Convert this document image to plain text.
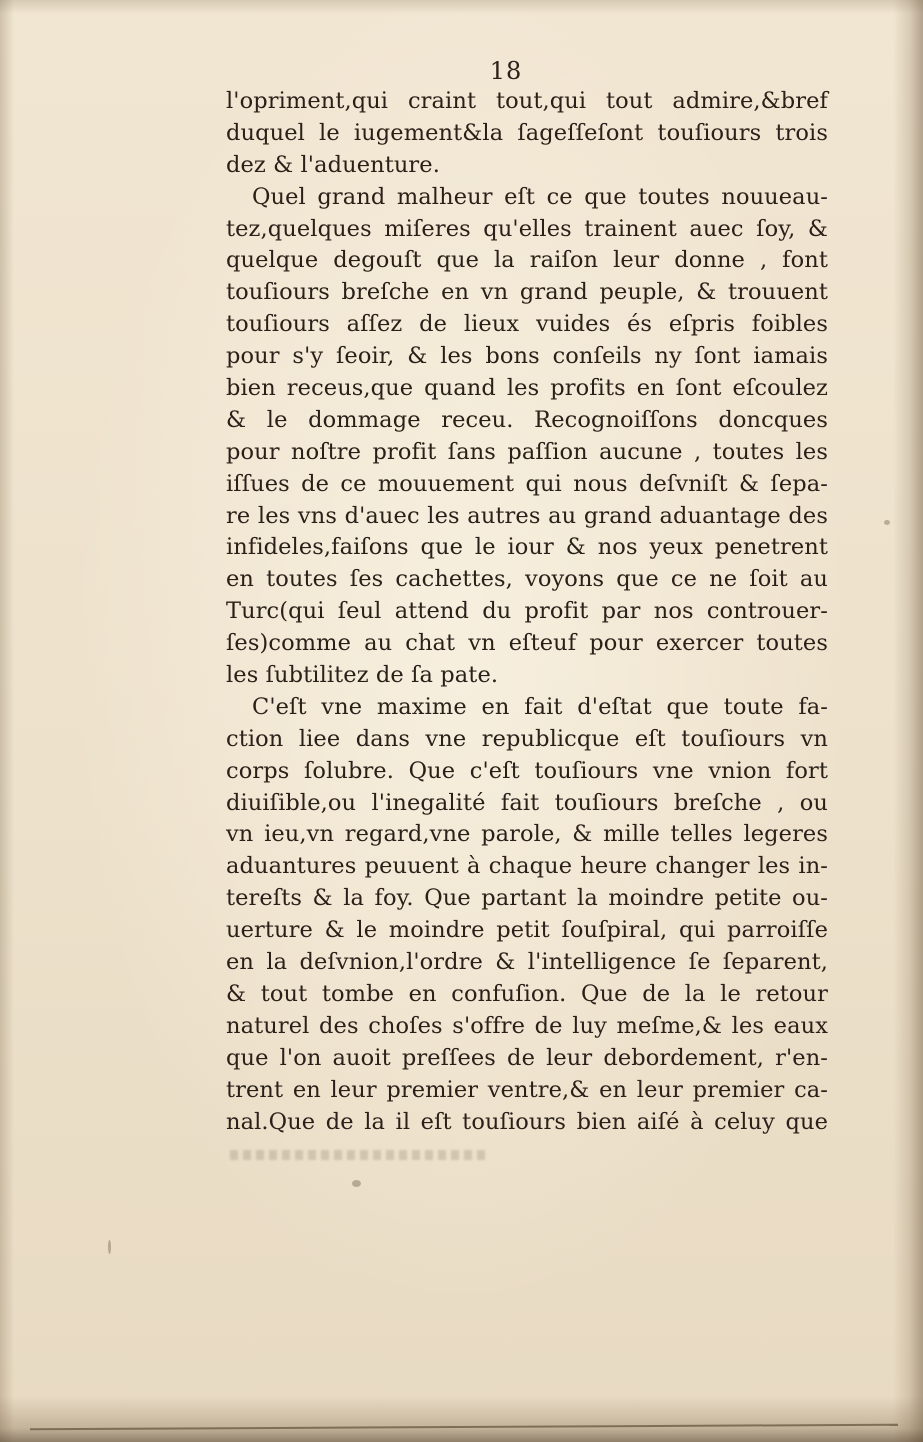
18
l'opriment,qui craint tout,qui tout admire,&bref
duquel le iugement&la ſageſſeſont touſiours trois
dez & l'aduenture.
Quel grand malheur eſt ce que toutes nouueau-
tez,quelques miſeres qu'elles trainent auec ſoy, &
quelque degouſt que la raiſon leur donne , font
touſiours breſche en vn grand peuple, & trouuent
touſiours aſſez de lieux vuides és eſpris foibles
pour s'y ſeoir, & les bons conſeils ny ſont iamais
bien receus,que quand les profits en ſont eſcoulez
& le dommage receu. Recognoiſſons doncques
pour noſtre profit ſans paſſion aucune , toutes les
iſſues de ce mouuement qui nous deſvniſt & ſepa-
re les vns d'auec les autres au grand aduantage des
infideles,faiſons que le iour & nos yeux penetrent
en toutes ſes cachettes, voyons que ce ne ſoit au
Turc(qui ſeul attend du profit par nos controuer-
ſes)comme au chat vn eſteuf pour exercer toutes
les ſubtilitez de ſa pate.
C'eſt vne maxime en fait d'eſtat que toute fa-
ction liee dans vne republicque eſt touſiours vn
corps ſolubre. Que c'eſt touſiours vne vnion fort
diuiſible,ou l'inegalité fait touſiours breſche , ou
vn ieu,vn regard,vne parole, & mille telles legeres
aduantures peuuent à chaque heure changer les in-
tereſts & la foy. Que partant la moindre petite ou-
uerture & le moindre petit ſouſpiral, qui parroiſſe
en la deſvnion,l'ordre & l'intelligence ſe ſeparent,
& tout tombe en confuſion. Que de la le retour
naturel des choſes s'offre de luy meſme,& les eaux
que l'on auoit preſſees de leur debordement, r'en-
trent en leur premier ventre,& en leur premier ca-
nal.Que de la il eſt touſiours bien aiſé à celuy que
